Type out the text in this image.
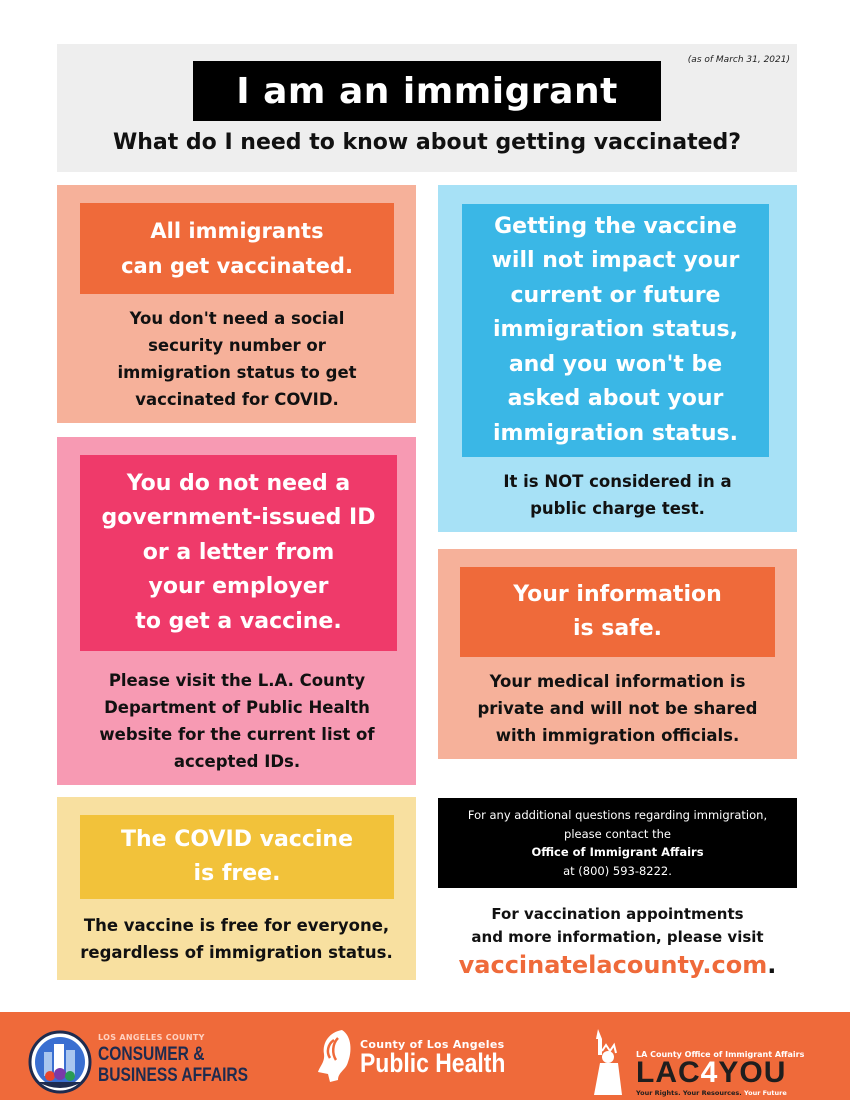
(as of March 31, 2021)
I am an immigrant
What do I need to know about getting vaccinated?
All immigrants
can get vaccinated.
You don't need a social
security number or
immigration status to get
vaccinated for COVID.
Getting the vaccine
will not impact your
current or future
immigration status,
and you won't be
asked about your
immigration status.
It is NOT considered in a
public charge test.
You do not need a
government-issued ID
or a letter from
your employer
to get a vaccine.
Please visit the L.A. County
Department of Public Health
website for the current list of
accepted IDs.
Your information
is safe.
Your medical information is
private and will not be shared
with immigration officials.
The COVID vaccine
is free.
The vaccine is free for everyone,
regardless of immigration status.
For any additional questions regarding immigration,
please contact the
Office of Immigrant Affairs
at (800) 593-8222.
For vaccination appointments
and more information, please visit
vaccinatelacounty.com.
LOS ANGELES COUNTY
CONSUMER &
BUSINESS AFFAIRS
County of Los Angeles
Public Health	LA County Office of Immigrant Affairs
LAC4YOU
Your Rights. Your Resources. Your Future
